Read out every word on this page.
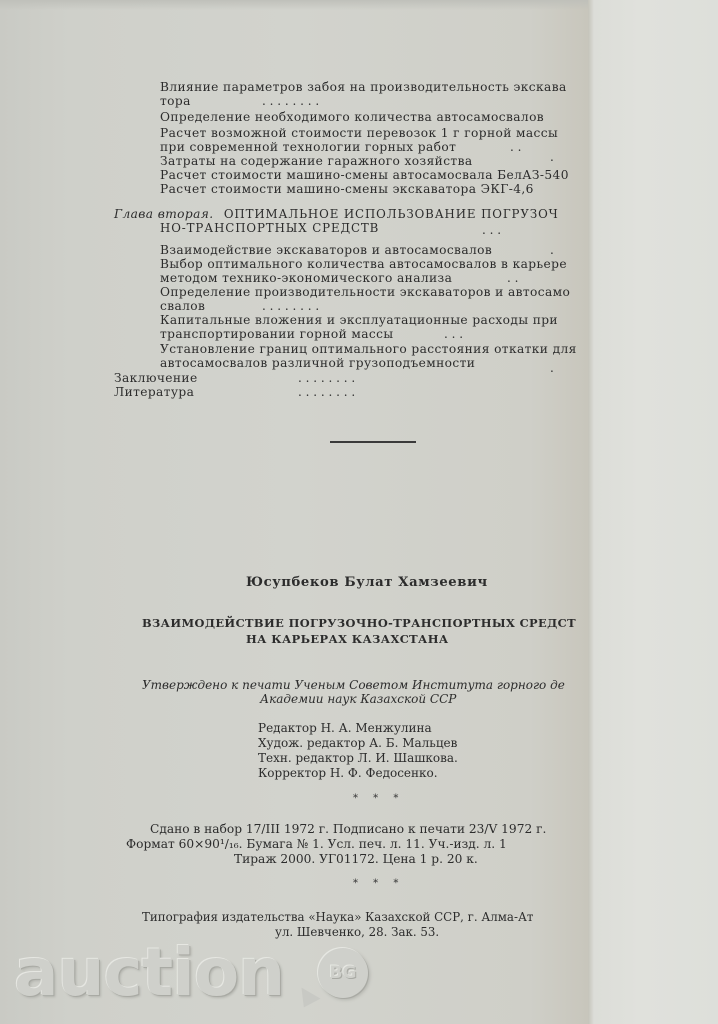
Влияние параметров забоя на производительность экскава
тора	. . . . . . . .
Определение необходимого количества автосамосвалов
Расчет возможной стоимости перевозок 1 г горной массы
при современной технологии горных работ	. .
Затраты на содержание гаражного хозяйства	.
Расчет стоимости машино-смены автосамосвала БелАЗ-540
Расчет стоимости машино-смены экскаватора ЭКГ-4,6
Глава вторая. ОПТИМАЛЬНОЕ ИСПОЛЬЗОВАНИЕ ПОГРУЗОЧ
НО-ТРАНСПОРТНЫХ СРЕДСТВ	. . .
Взаимодействие экскаваторов и автосамосвалов	.
Выбор оптимального количества автосамосвалов в карьере
методом технико-экономического анализа	. .
Определение производительности экскаваторов и автосамо
свалов	. . . . . . . .
Капитальные вложения и эксплуатационные расходы при
транспортировании горной массы	. . .
Установление границ оптимального расстояния откатки для
автосамосвалов различной грузоподъемности	.
Заключение	. . . . . . . .
Литература	. . . . . . . .
Юсупбеков Булат Хамзеевич
ВЗАИМОДЕЙСТВИЕ ПОГРУЗОЧНО-ТРАНСПОРТНЫХ СРЕДСТ
НА КАРЬЕРАХ КАЗАХСТАНА
Утверждено к печати Ученым Советом Института горного де
Академии наук Казахской ССР
Редактор Н. А. Менжулина
Худож. редактор А. Б. Мальцев
Техн. редактор Л. И. Шашкова.
Корректор Н. Ф. Федосенко.
* * *
Сдано в набор 17/III 1972 г. Подписано к печати 23/V 1972 г.
Формат 60×90¹/₁₆. Бумага № 1. Усл. печ. л. 11. Уч.-изд. л. 1
Тираж 2000. УГ01172. Цена 1 р. 20 к.
* * *
Типография издательства «Наука» Казахской ССР, г. Алма-Ат
ул. Шевченко, 28. Зак. 53.
auction	BG
